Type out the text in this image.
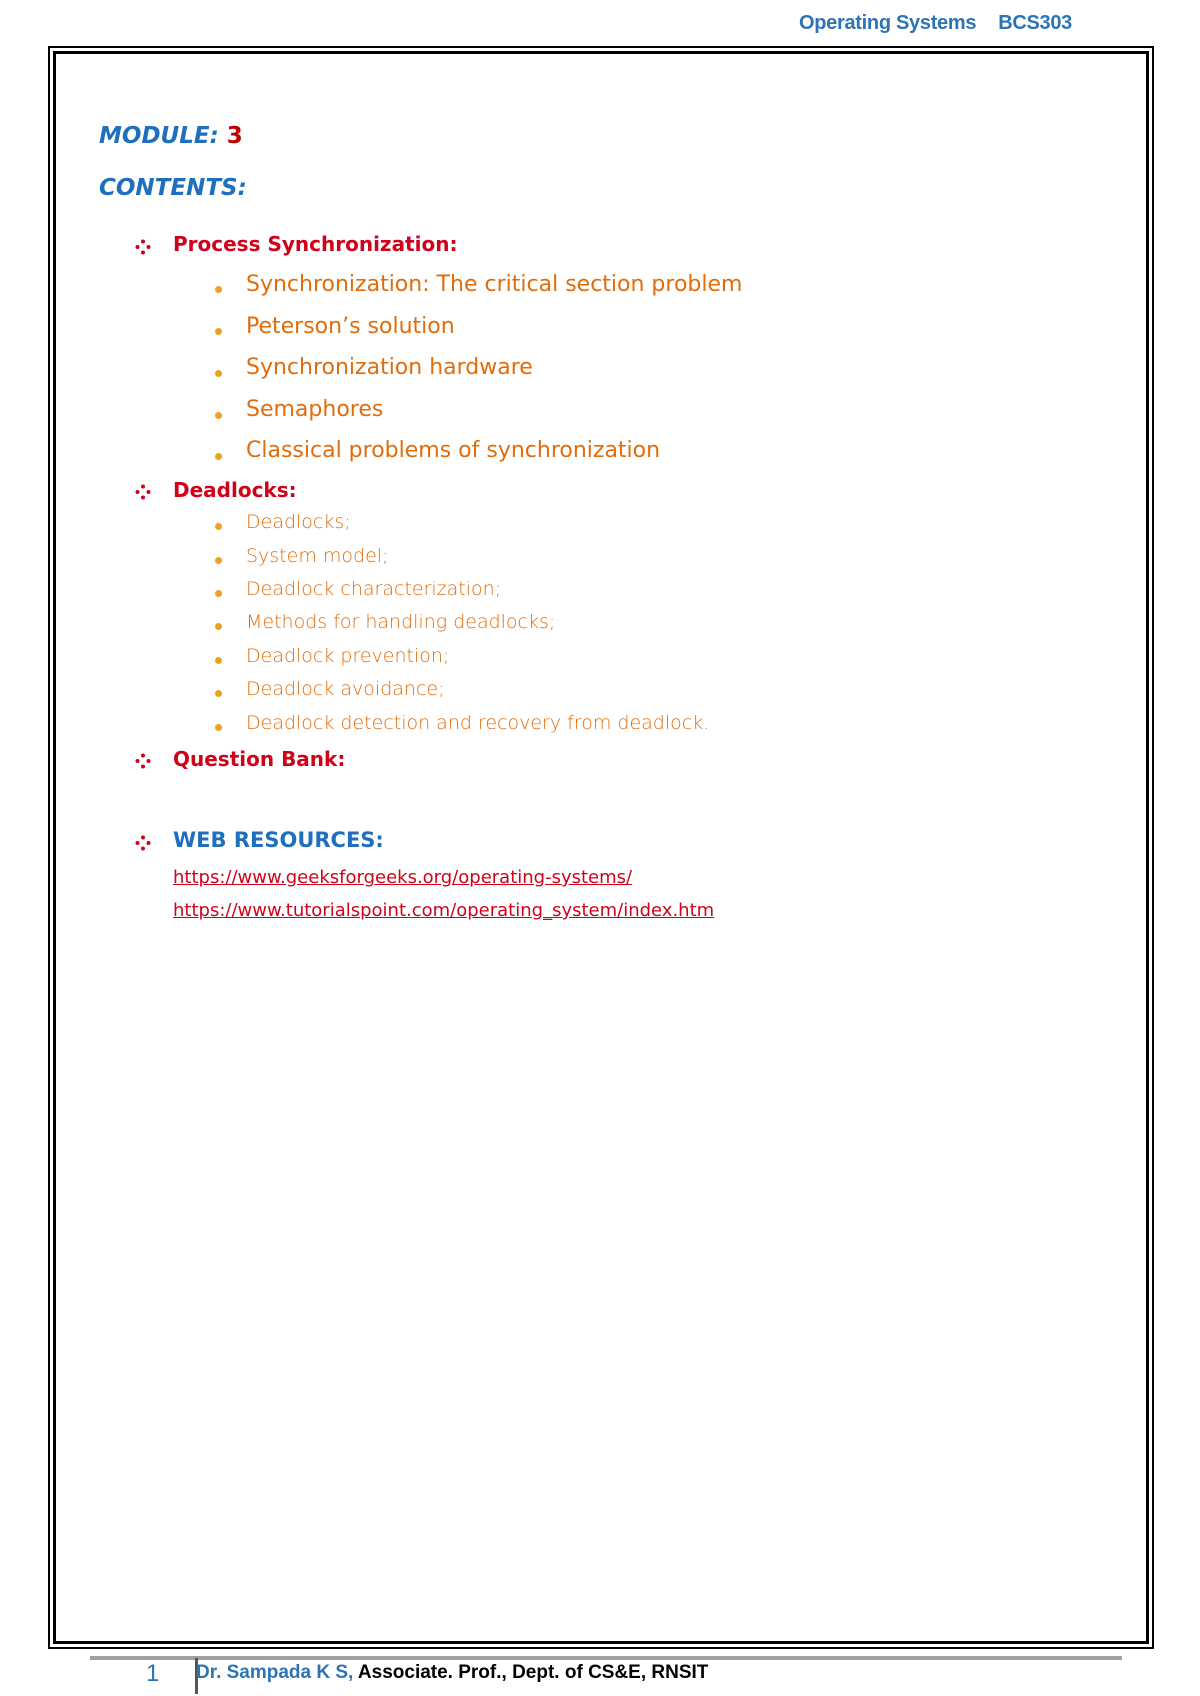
Operating Systems BCS303
MODULE: 3
CONTENTS:
Process Synchronization:
Synchronization: The critical section problem
Peterson’s solution
Synchronization hardware
Semaphores
Classical problems of synchronization
Deadlocks:
Deadlocks;
System model;
Deadlock characterization;
Methods for handling deadlocks;
Deadlock prevention;
Deadlock avoidance;
Deadlock detection and recovery from deadlock.
Question Bank:
WEB RESOURCES:
https://www.geeksforgeeks.org/operating-systems/
https://www.tutorialspoint.com/operating_system/index.htm
1 Dr. Sampada K S, Associate. Prof., Dept. of CS&E, RNSIT
